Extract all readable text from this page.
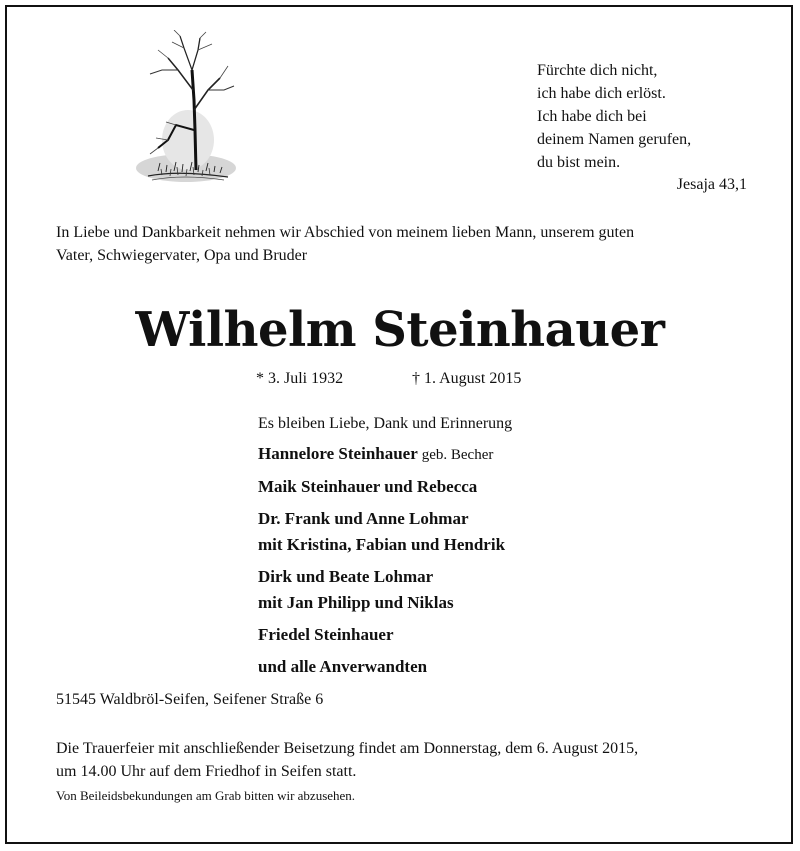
Fürchte dich nicht,
ich habe dich erlöst.
Ich habe dich bei
deinem Namen gerufen,
du bist mein.
Jesaja 43,1
In Liebe und Dankbarkeit nehmen wir Abschied von meinem lieben Mann, unserem guten
Vater, Schwiegervater, Opa und Bruder
Wilhelm Steinhauer
* 3. Juli 1932	† 1. August 2015
Es bleiben Liebe, Dank und Erinnerung
Hannelore Steinhauer geb. Becher
Maik Steinhauer und Rebecca
Dr. Frank und Anne Lohmar
mit Kristina, Fabian und Hendrik
Dirk und Beate Lohmar
mit Jan Philipp und Niklas
Friedel Steinhauer
und alle Anverwandten
51545 Waldbröl-Seifen, Seifener Straße 6
Die Trauerfeier mit anschließender Beisetzung findet am Donnerstag, dem 6. August 2015,
um 14.00 Uhr auf dem Friedhof in Seifen statt.
Von Beileidsbekundungen am Grab bitten wir abzusehen.
